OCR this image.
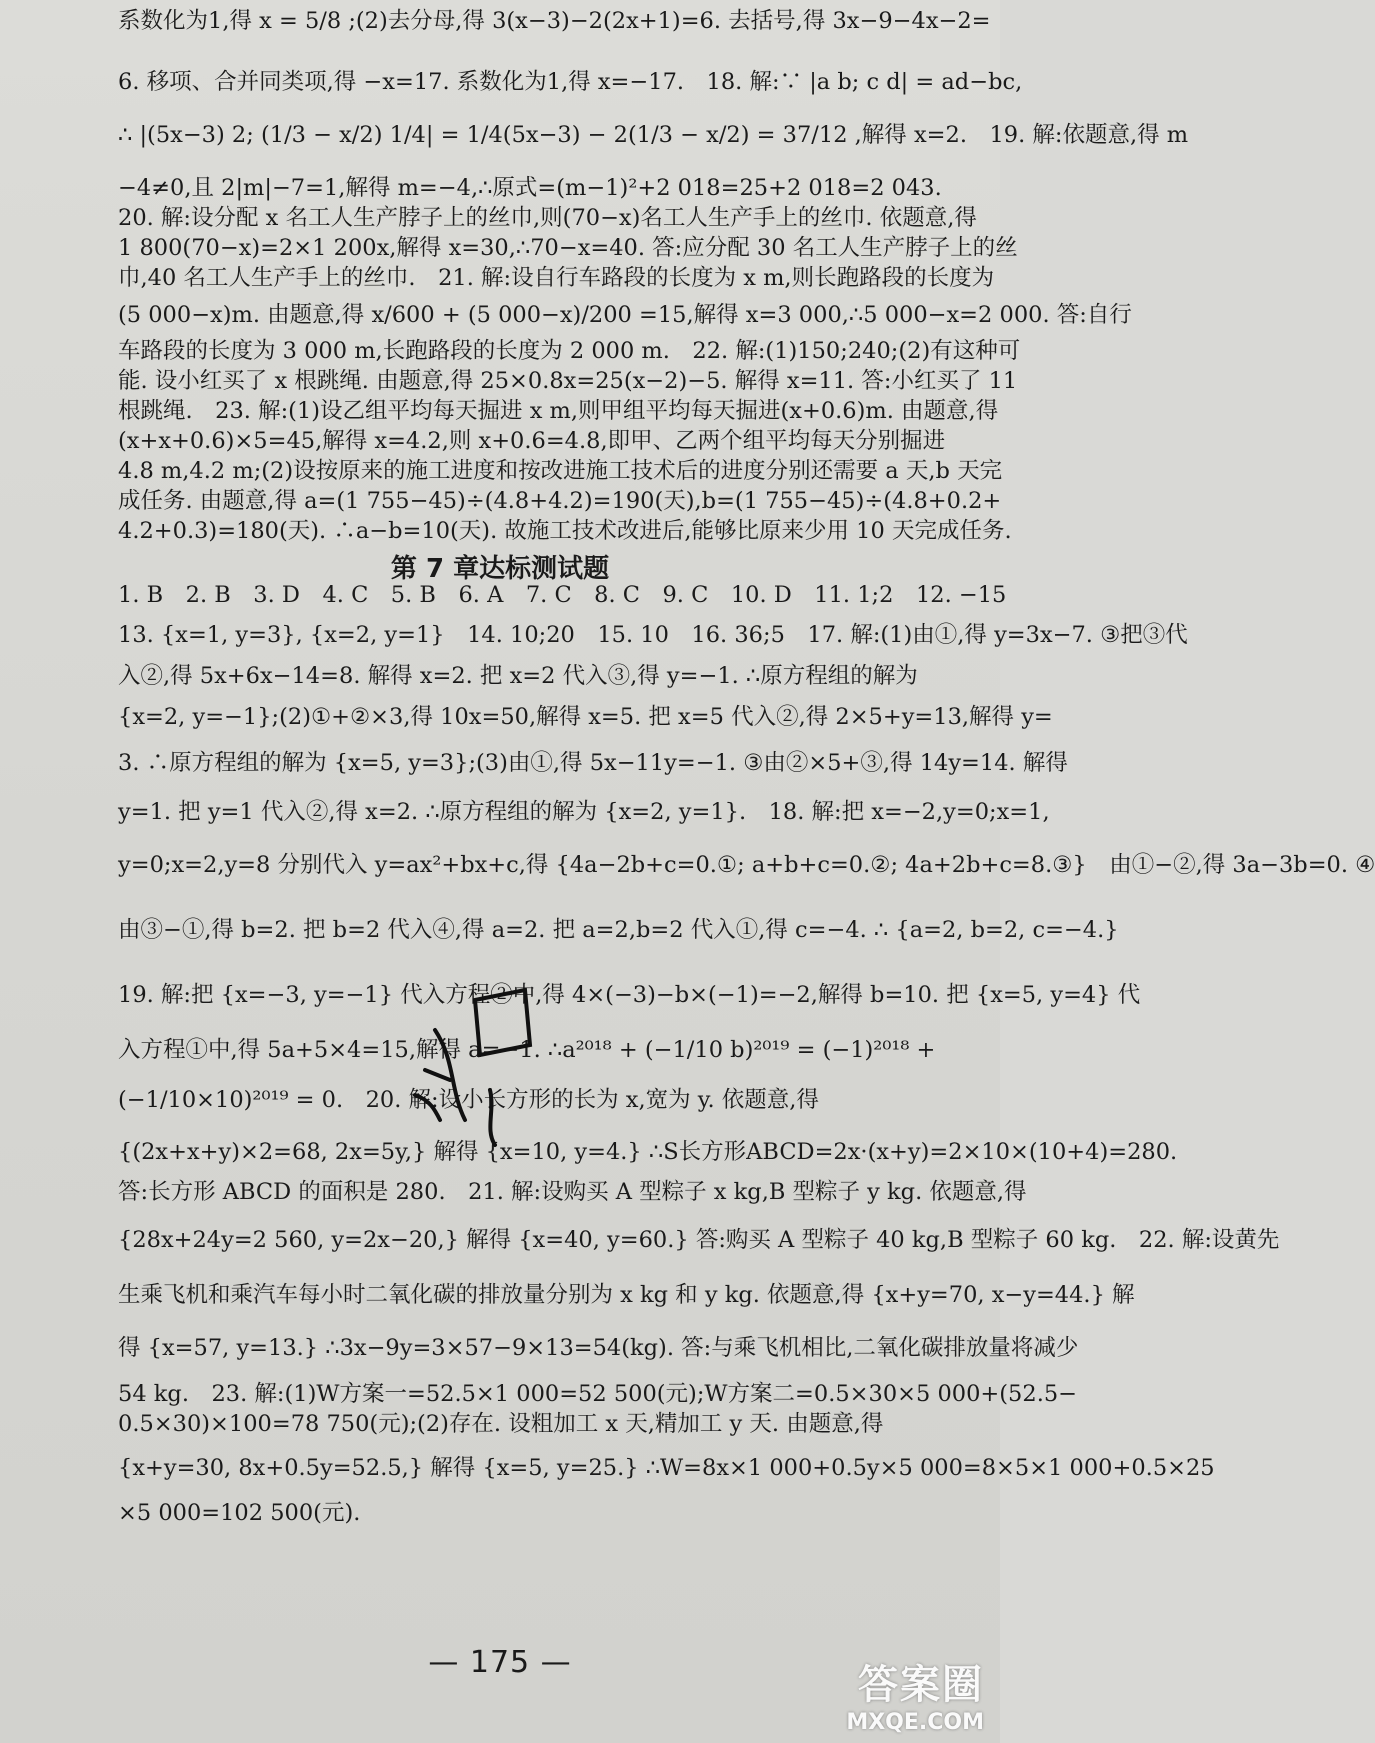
系数化为1,得 x = 5/8 ;(2)去分母,得 3(x−3)−2(2x+1)=6. 去括号,得 3x−9−4x−2=
6. 移项、合并同类项,得 −x=17. 系数化为1,得 x=−17.　18. 解:∵ |a b; c d| = ad−bc,
∴ |(5x−3) 2; (1/3 − x/2) 1/4| = 1/4(5x−3) − 2(1/3 − x/2) = 37/12 ,解得 x=2.　19. 解:依题意,得 m
−4≠0,且 2|m|−7=1,解得 m=−4,∴原式=(m−1)²+2 018=25+2 018=2 043.
20. 解:设分配 x 名工人生产脖子上的丝巾,则(70−x)名工人生产手上的丝巾. 依题意,得
1 800(70−x)=2×1 200x,解得 x=30,∴70−x=40. 答:应分配 30 名工人生产脖子上的丝
巾,40 名工人生产手上的丝巾.　21. 解:设自行车路段的长度为 x m,则长跑路段的长度为
(5 000−x)m. 由题意,得 x/600 + (5 000−x)/200 =15,解得 x=3 000,∴5 000−x=2 000. 答:自行
车路段的长度为 3 000 m,长跑路段的长度为 2 000 m.　22. 解:(1)150;240;(2)有这种可
能. 设小红买了 x 根跳绳. 由题意,得 25×0.8x=25(x−2)−5. 解得 x=11. 答:小红买了 11
根跳绳.　23. 解:(1)设乙组平均每天掘进 x m,则甲组平均每天掘进(x+0.6)m. 由题意,得
(x+x+0.6)×5=45,解得 x=4.2,则 x+0.6=4.8,即甲、乙两个组平均每天分别掘进
4.8 m,4.2 m;(2)设按原来的施工进度和按改进施工技术后的进度分别还需要 a 天,b 天完
成任务. 由题意,得 a=(1 755−45)÷(4.8+4.2)=190(天),b=(1 755−45)÷(4.8+0.2+
4.2+0.3)=180(天). ∴a−b=10(天). 故施工技术改进后,能够比原来少用 10 天完成任务.
第 7 章达标测试题
1. B　2. B　3. D　4. C　5. B　6. A　7. C　8. C　9. C　10. D　11. 1;2　12. −15
13. {x=1, y=3}, {x=2, y=1}　14. 10;20　15. 10　16. 36;5　17. 解:(1)由①,得 y=3x−7. ③把③代
入②,得 5x+6x−14=8. 解得 x=2. 把 x=2 代入③,得 y=−1. ∴原方程组的解为
{x=2, y=−1};(2)①+②×3,得 10x=50,解得 x=5. 把 x=5 代入②,得 2×5+y=13,解得 y=
3. ∴原方程组的解为 {x=5, y=3};(3)由①,得 5x−11y=−1. ③由②×5+③,得 14y=14. 解得
y=1. 把 y=1 代入②,得 x=2. ∴原方程组的解为 {x=2, y=1}.　18. 解:把 x=−2,y=0;x=1,
y=0;x=2,y=8 分别代入 y=ax²+bx+c,得 {4a−2b+c=0.①; a+b+c=0.②; 4a+2b+c=8.③}　由①−②,得 3a−3b=0. ④
由③−①,得 b=2. 把 b=2 代入④,得 a=2. 把 a=2,b=2 代入①,得 c=−4. ∴ {a=2, b=2, c=−4.}
19. 解:把 {x=−3, y=−1} 代入方程②中,得 4×(−3)−b×(−1)=−2,解得 b=10. 把 {x=5, y=4} 代
入方程①中,得 5a+5×4=15,解得 a=−1. ∴a²⁰¹⁸ + (−1/10 b)²⁰¹⁹ = (−1)²⁰¹⁸ +
(−1/10×10)²⁰¹⁹ = 0.　20. 解:设小长方形的长为 x,宽为 y. 依题意,得
{(2x+x+y)×2=68, 2x=5y,} 解得 {x=10, y=4.} ∴S长方形ABCD=2x·(x+y)=2×10×(10+4)=280.
答:长方形 ABCD 的面积是 280.　21. 解:设购买 A 型粽子 x kg,B 型粽子 y kg. 依题意,得
{28x+24y=2 560, y=2x−20,} 解得 {x=40, y=60.} 答:购买 A 型粽子 40 kg,B 型粽子 60 kg.　22. 解:设黄先
生乘飞机和乘汽车每小时二氧化碳的排放量分别为 x kg 和 y kg. 依题意,得 {x+y=70, x−y=44.} 解
得 {x=57, y=13.} ∴3x−9y=3×57−9×13=54(kg). 答:与乘飞机相比,二氧化碳排放量将减少
54 kg.　23. 解:(1)W方案一=52.5×1 000=52 500(元);W方案二=0.5×30×5 000+(52.5−
0.5×30)×100=78 750(元);(2)存在. 设粗加工 x 天,精加工 y 天. 由题意,得
{x+y=30, 8x+0.5y=52.5,} 解得 {x=5, y=25.} ∴W=8x×1 000+0.5y×5 000=8×5×1 000+0.5×25
×5 000=102 500(元).
— 175 —	答案圈
MXQE.COM
